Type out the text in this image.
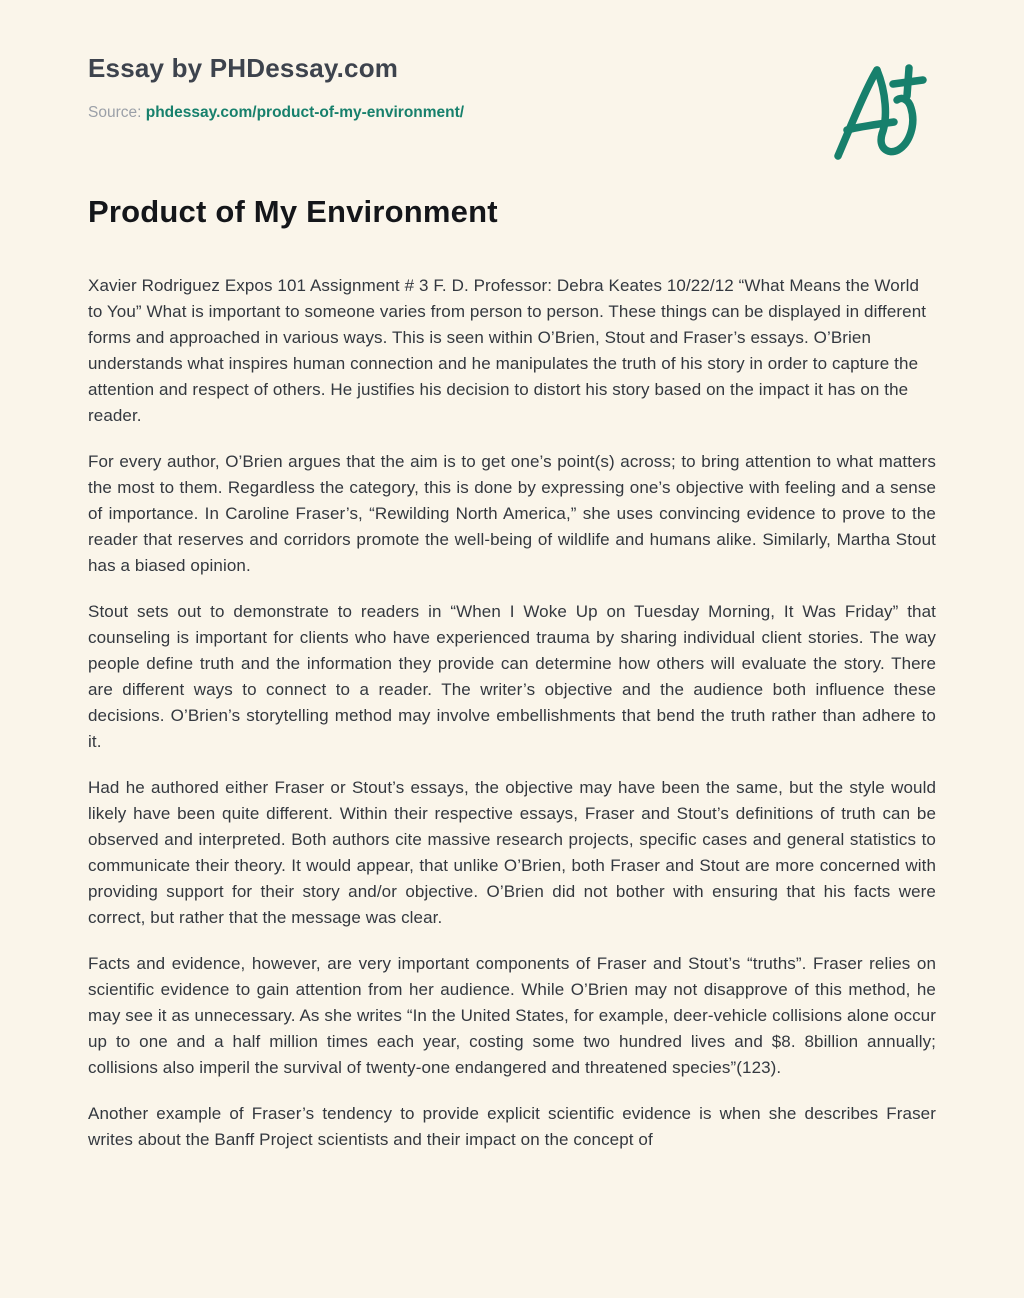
Essay by PHDessay.com
Source: phdessay.com/product-of-my-environment/
Product of My Environment

Xavier Rodriguez Expos 101 Assignment # 3 F. D. Professor: Debra Keates 10/22/12 “What Means the World to You” What is important to someone varies from person to person. These things can be displayed in different forms and approached in various ways. This is seen within O’Brien, Stout and Fraser’s essays. O’Brien understands what inspires human connection and he manipulates the truth of his story in order to capture the attention and respect of others. He justifies his decision to distort his story based on the impact it has on the reader.

For every author, O’Brien argues that the aim is to get one’s point(s) across; to bring attention to what matters the most to them. Regardless the category, this is done by expressing one’s objective with feeling and a sense of importance. In Caroline Fraser’s, “Rewilding North America,” she uses convincing evidence to prove to the reader that reserves and corridors promote the well-being of wildlife and humans alike. Similarly, Martha Stout has a biased opinion.

Stout sets out to demonstrate to readers in “When I Woke Up on Tuesday Morning, It Was Friday” that counseling is important for clients who have experienced trauma by sharing individual client stories. The way people define truth and the information they provide can determine how others will evaluate the story. There are different ways to connect to a reader. The writer’s objective and the audience both influence these decisions. O’Brien’s storytelling method may involve embellishments that bend the truth rather than adhere to it.

Had he authored either Fraser or Stout’s essays, the objective may have been the same, but the style would likely have been quite different. Within their respective essays, Fraser and Stout’s definitions of truth can be observed and interpreted. Both authors cite massive research projects, specific cases and general statistics to communicate their theory. It would appear, that unlike O’Brien, both Fraser and Stout are more concerned with providing support for their story and/or objective. O’Brien did not bother with ensuring that his facts were correct, but rather that the message was clear.

Facts and evidence, however, are very important components of Fraser and Stout’s “truths”. Fraser relies on scientific evidence to gain attention from her audience. While O’Brien may not disapprove of this method, he may see it as unnecessary. As she writes “In the United States, for example, deer-vehicle collisions alone occur up to one and a half million times each year, costing some two hundred lives and $8. 8billion annually; collisions also imperil the survival of twenty-one endangered and threatened species”(123).

Another example of Fraser’s tendency to provide explicit scientific evidence is when she describes Fraser writes about the Banff Project scientists and their impact on the concept of
